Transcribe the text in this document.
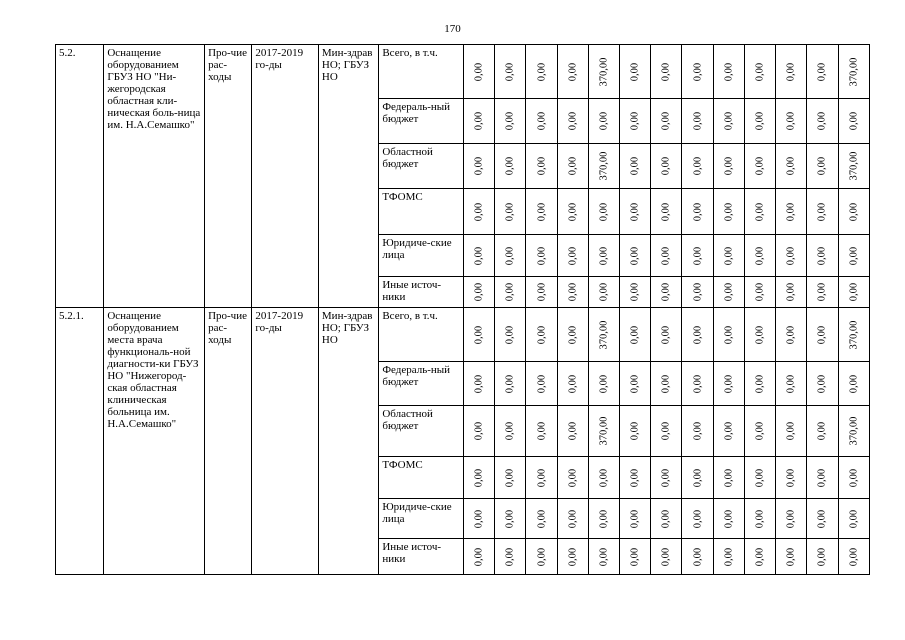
170
5.2.	Оснащение оборудованием ГБУЗ НО "Ни-жегородская областная кли-ническая боль-ница им. Н.А.Семашко"	Про-чие рас-ходы	2017-2019 го-ды	Мин-здрав НО; ГБУЗ НО	Всего, в т.ч.	0,00	0,00	0,00	0,00	370,00	0,00	0,00	0,00	0,00	0,00	0,00	0,00	370,00

					Федераль-ный бюджет	0,00	0,00	0,00	0,00	0,00	0,00	0,00	0,00	0,00	0,00	0,00	0,00	0,00

					Областной бюджет	0,00	0,00	0,00	0,00	370,00	0,00	0,00	0,00	0,00	0,00	0,00	0,00	370,00

					ТФОМС	0,00	0,00	0,00	0,00	0,00	0,00	0,00	0,00	0,00	0,00	0,00	0,00	0,00

					Юридиче-ские лица	0,00	0,00	0,00	0,00	0,00	0,00	0,00	0,00	0,00	0,00	0,00	0,00	0,00

					Иные источ-ники	0,00	0,00	0,00	0,00	0,00	0,00	0,00	0,00	0,00	0,00	0,00	0,00	0,00

5.2.1.	Оснащение оборудованием места врача функциональ-ной диагности-ки ГБУЗ НО "Нижегород-ская областная клиническая больница им. Н.А.Семашко"	Про-чие рас-ходы	2017-2019 го-ды	Мин-здрав НО; ГБУЗ НО	Всего, в т.ч.	0,00	0,00	0,00	0,00	370,00	0,00	0,00	0,00	0,00	0,00	0,00	0,00	370,00

					Федераль-ный бюджет	0,00	0,00	0,00	0,00	0,00	0,00	0,00	0,00	0,00	0,00	0,00	0,00	0,00

					Областной бюджет	0,00	0,00	0,00	0,00	370,00	0,00	0,00	0,00	0,00	0,00	0,00	0,00	370,00

					ТФОМС	0,00	0,00	0,00	0,00	0,00	0,00	0,00	0,00	0,00	0,00	0,00	0,00	0,00

					Юридиче-ские лица	0,00	0,00	0,00	0,00	0,00	0,00	0,00	0,00	0,00	0,00	0,00	0,00	0,00

					Иные источ-ники	0,00	0,00	0,00	0,00	0,00	0,00	0,00	0,00	0,00	0,00	0,00	0,00	0,00
